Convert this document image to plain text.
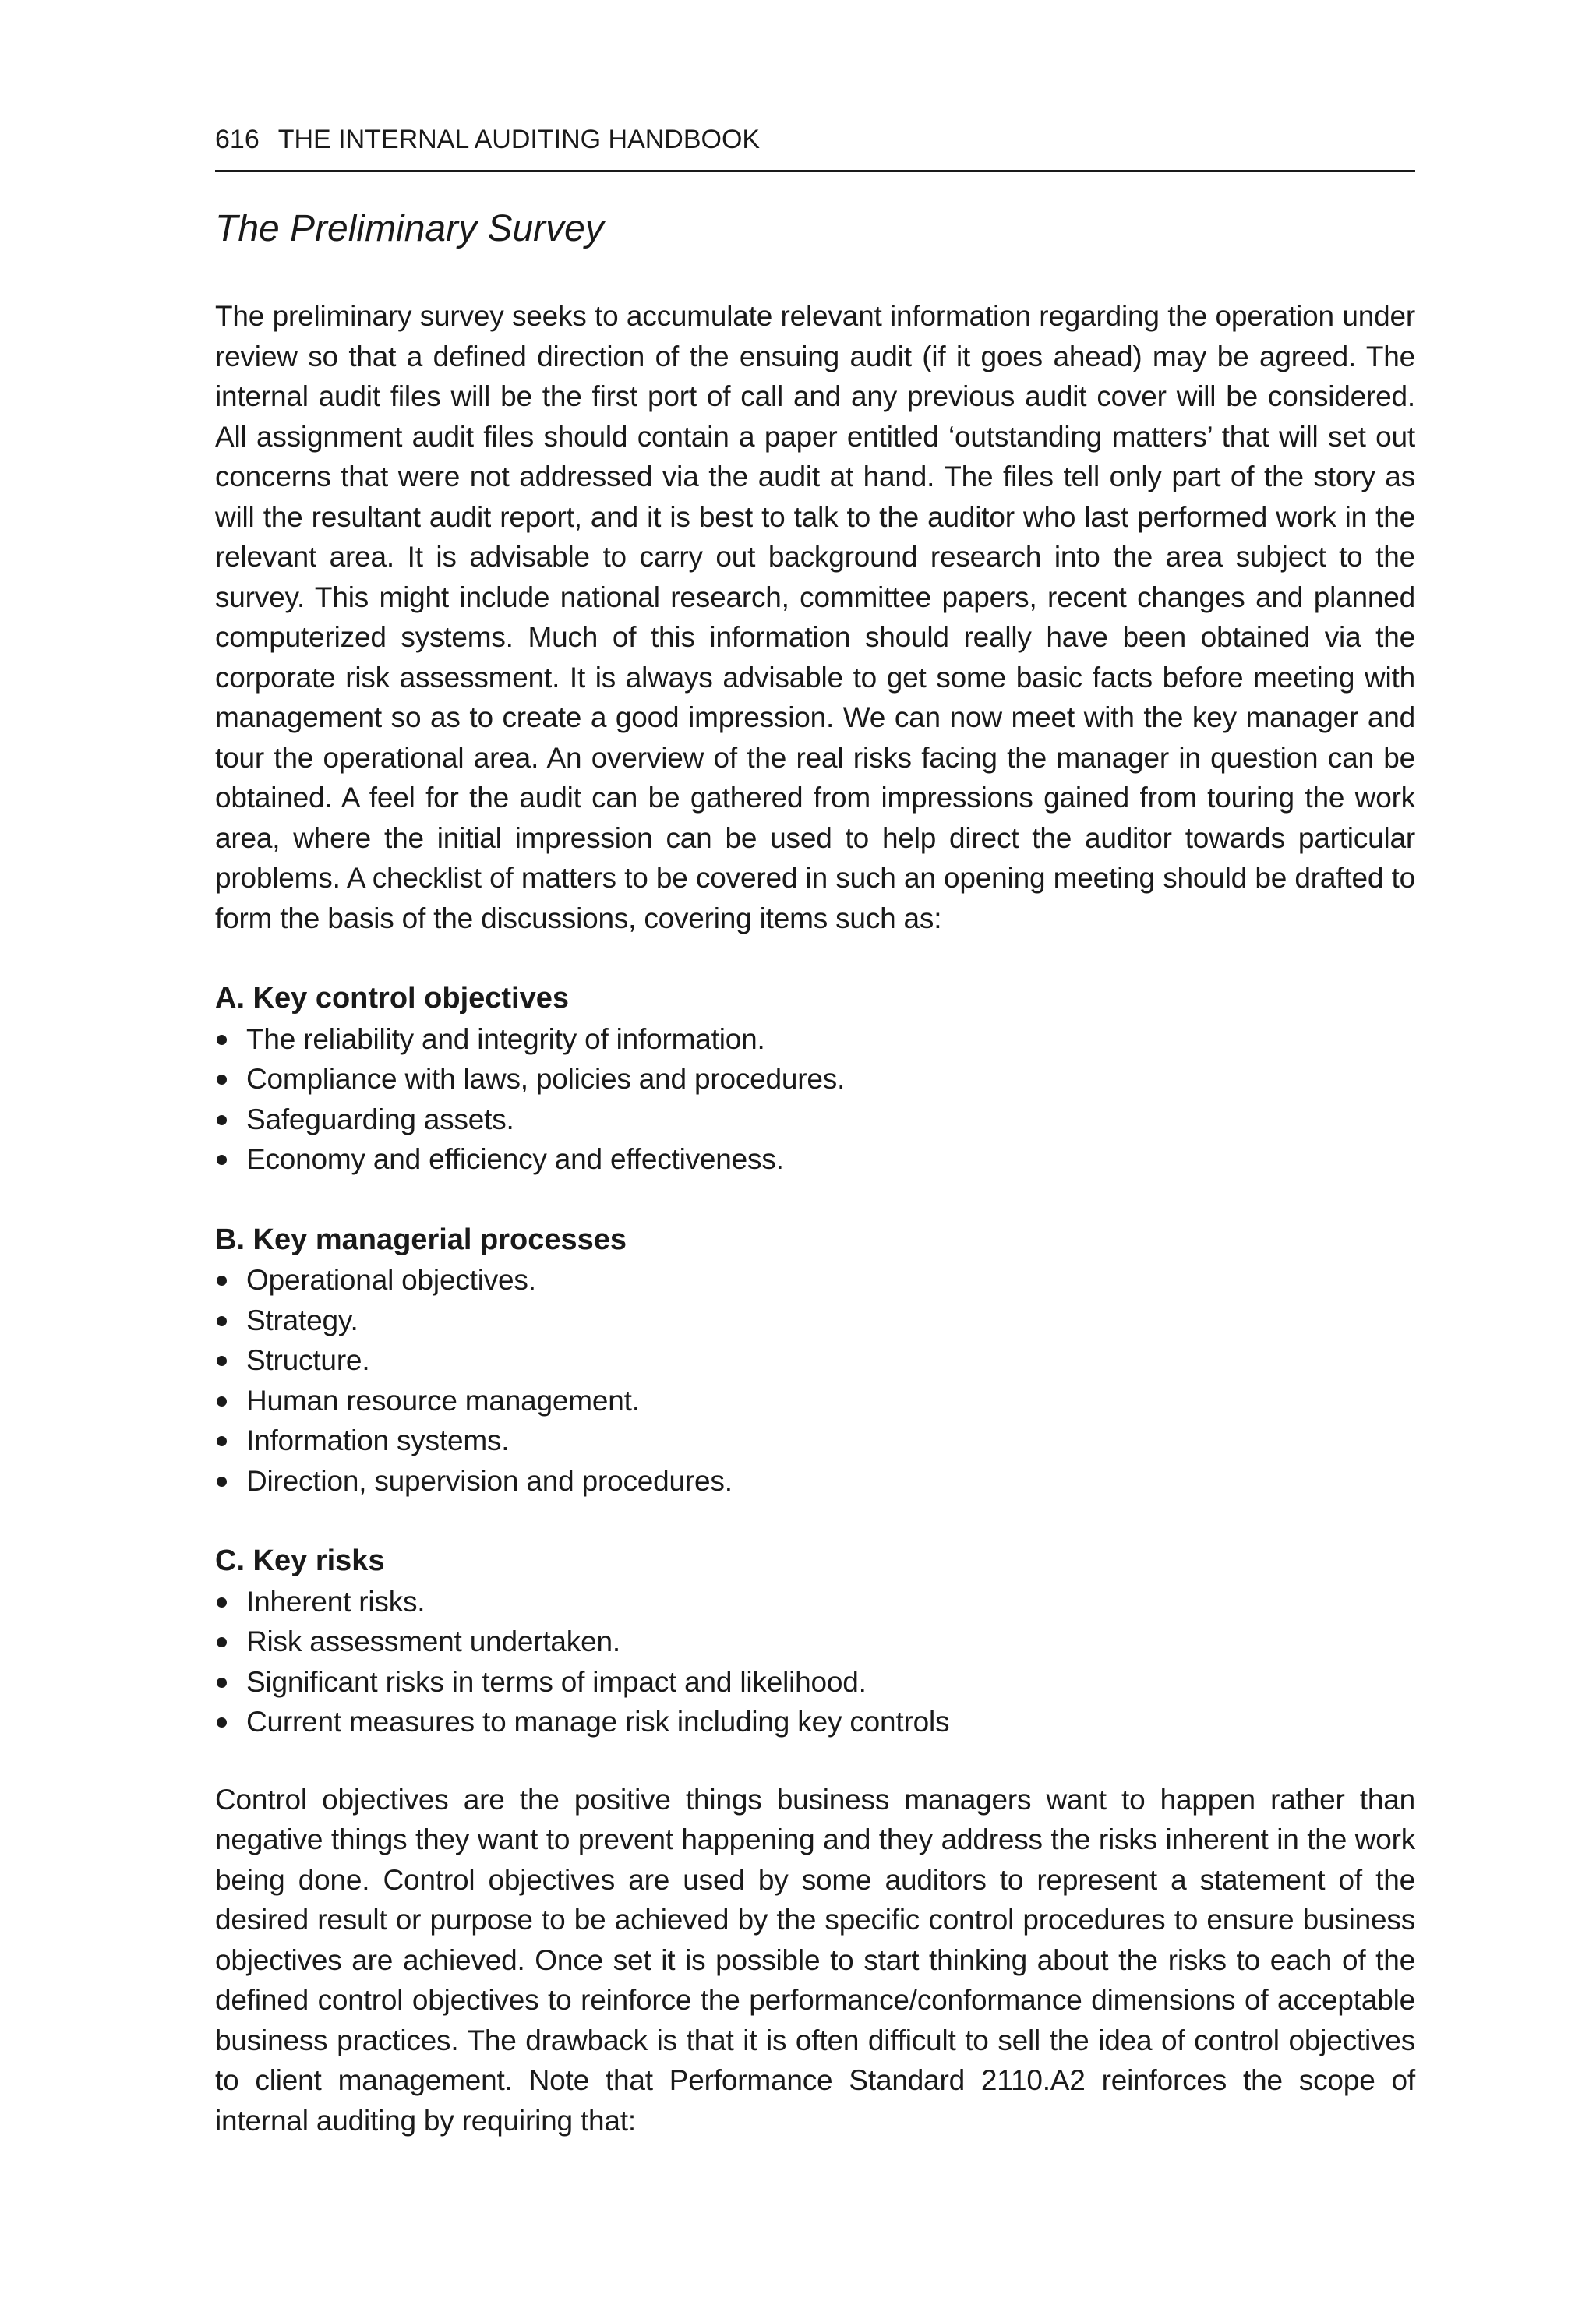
616 THE INTERNAL AUDITING HANDBOOK
The Preliminary Survey

The preliminary survey seeks to accumulate relevant information regarding the operation under review so that a defined direction of the ensuing audit (if it goes ahead) may be agreed. The internal audit files will be the first port of call and any previous audit cover will be considered. All assignment audit files should contain a paper entitled ‘outstanding matters’ that will set out concerns that were not addressed via the audit at hand. The files tell only part of the story as will the resultant audit report, and it is best to talk to the auditor who last performed work in the relevant area. It is advisable to carry out background research into the area subject to the survey. This might include national research, committee papers, recent changes and planned computerized systems. Much of this information should really have been obtained via the corporate risk assessment. It is always advisable to get some basic facts before meeting with management so as to create a good impression. We can now meet with the key manager and tour the operational area. An overview of the real risks facing the manager in question can be obtained. A feel for the audit can be gathered from impressions gained from touring the work area, where the initial impression can be used to help direct the auditor towards particular problems. A checklist of matters to be covered in such an opening meeting should be drafted to form the basis of the discussions, covering items such as:

A. Key control objectives
The reliability and integrity of information.
Compliance with laws, policies and procedures.
Safeguarding assets.
Economy and efficiency and effectiveness.
B. Key managerial processes
Operational objectives.
Strategy.
Structure.
Human resource management.
Information systems.
Direction, supervision and procedures.
C. Key risks
Inherent risks.
Risk assessment undertaken.
Significant risks in terms of impact and likelihood.
Current measures to manage risk including key controls

Control objectives are the positive things business managers want to happen rather than negative things they want to prevent happening and they address the risks inherent in the work being done. Control objectives are used by some auditors to represent a statement of the desired result or purpose to be achieved by the specific control procedures to ensure business objectives are achieved. Once set it is possible to start thinking about the risks to each of the defined control objectives to reinforce the performance/conformance dimensions of acceptable business practices. The drawback is that it is often difficult to sell the idea of control objectives to client management. Note that Performance Standard 2110.A2 reinforces the scope of internal auditing by requiring that:
